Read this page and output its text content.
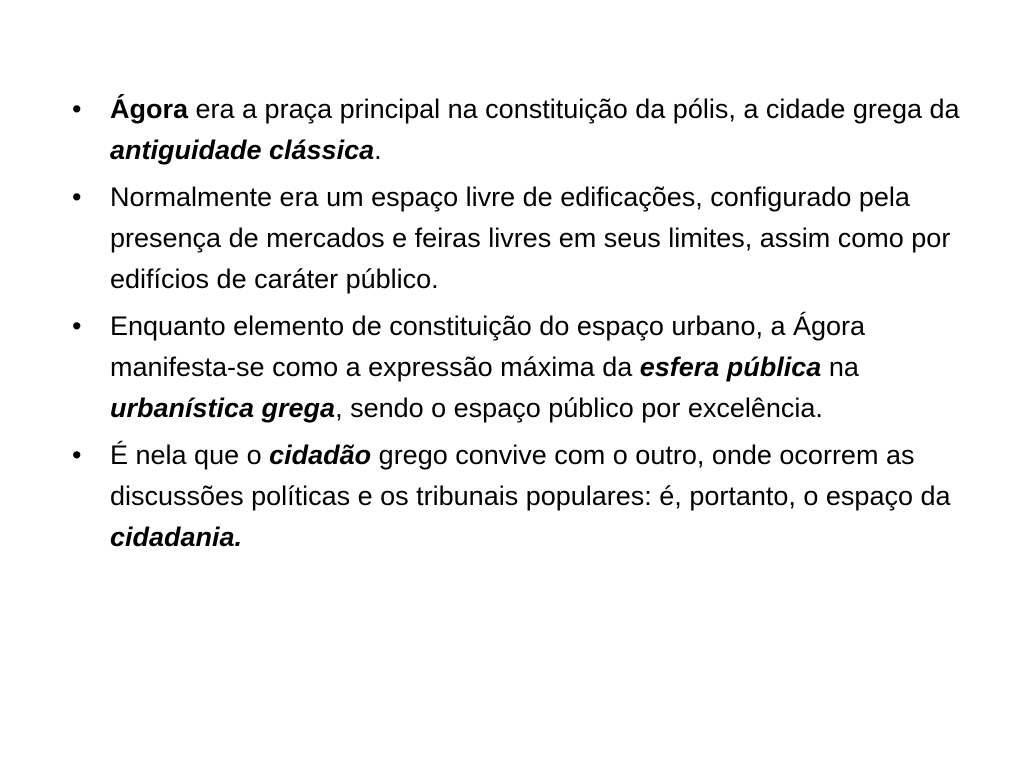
•	Ágora era a praça principal na constituição da pólis, a cidade grega da antiguidade clássica.
•	Normalmente era um espaço livre de edificações, configurado pela presença de mercados e feiras livres em seus limites, assim como por edifícios de caráter público.
•	Enquanto elemento de constituição do espaço urbano, a Ágora manifesta-se como a expressão máxima da esfera pública na urbanística grega, sendo o espaço público por excelência.
•	É nela que o cidadão grego convive com o outro, onde ocorrem as discussões políticas e os tribunais populares: é, portanto, o espaço da cidadania.
